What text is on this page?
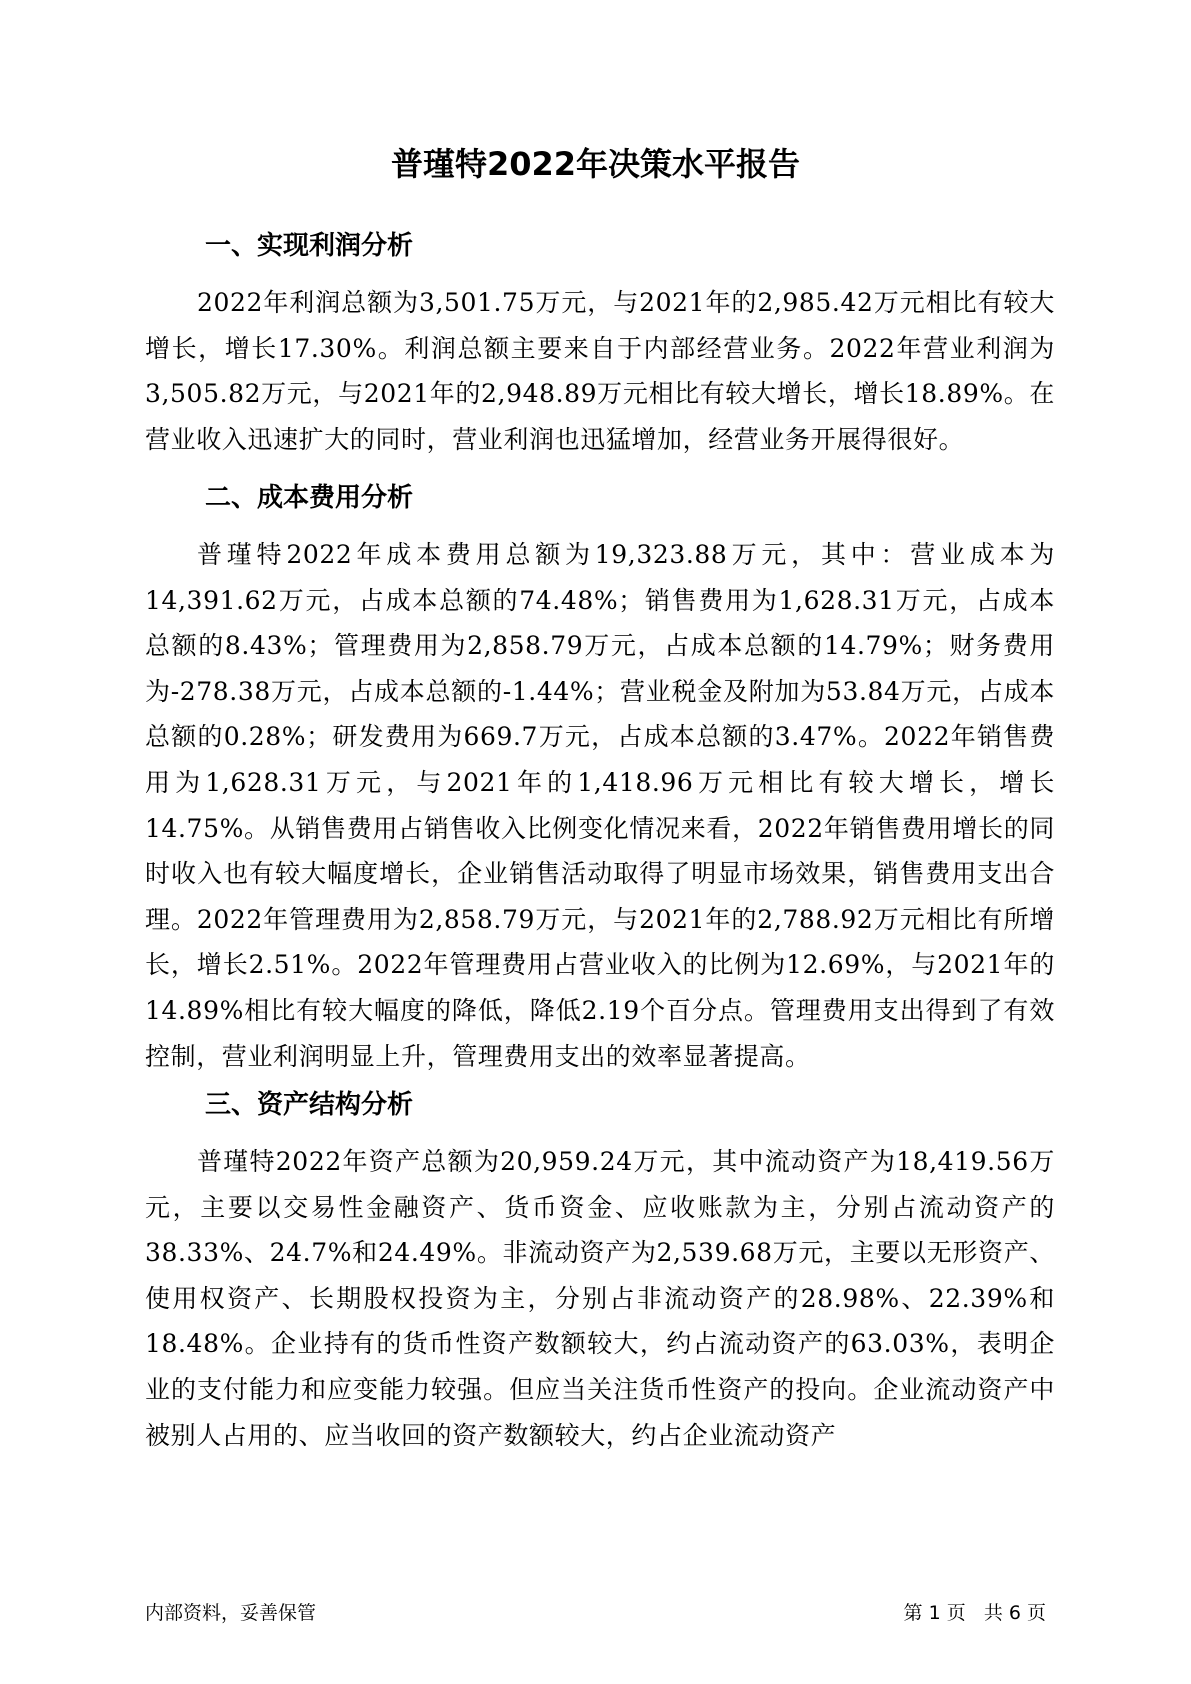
普瑾特2022年决策水平报告
一、实现利润分析

2022年利润总额为3,501.75万元，与2021年的2,985.42万元相比有较大增长，增长17.30%。利润总额主要来自于内部经营业务。2022年营业利润为3,505.82万元，与2021年的2,948.89万元相比有较大增长，增长18.89%。在营业收入迅速扩大的同时，营业利润也迅猛增加，经营业务开展得很好。

二、成本费用分析

普瑾特2022年成本费用总额为19,323.88万元，其中：营业成本为14,391.62万元，占成本总额的74.48%；销售费用为1,628.31万元，占成本总额的8.43%；管理费用为2,858.79万元，占成本总额的14.79%；财务费用为-278.38万元，占成本总额的-1.44%；营业税金及附加为53.84万元，占成本总额的0.28%；研发费用为669.7万元，占成本总额的3.47%。2022年销售费用为1,628.31万元，与2021年的1,418.96万元相比有较大增长，增长14.75%。从销售费用占销售收入比例变化情况来看，2022年销售费用增长的同时收入也有较大幅度增长，企业销售活动取得了明显市场效果，销售费用支出合理。2022年管理费用为2,858.79万元，与2021年的2,788.92万元相比有所增长，增长2.51%。2022年管理费用占营业收入的比例为12.69%，与2021年的14.89%相比有较大幅度的降低，降低2.19个百分点。管理费用支出得到了有效控制，营业利润明显上升，管理费用支出的效率显著提高。

三、资产结构分析

普瑾特2022年资产总额为20,959.24万元，其中流动资产为18,419.56万元，主要以交易性金融资产、货币资金、应收账款为主，分别占流动资产的38.33%、24.7%和24.49%。非流动资产为2,539.68万元，主要以无形资产、使用权资产、长期股权投资为主，分别占非流动资产的28.98%、22.39%和18.48%。企业持有的货币性资产数额较大，约占流动资产的63.03%，表明企业的支付能力和应变能力较强。但应当关注货币性资产的投向。企业流动资产中被别人占用的、应当收回的资产数额较大，约占企业流动资产

内部资料，妥善保管	第 1 页   共 6 页
